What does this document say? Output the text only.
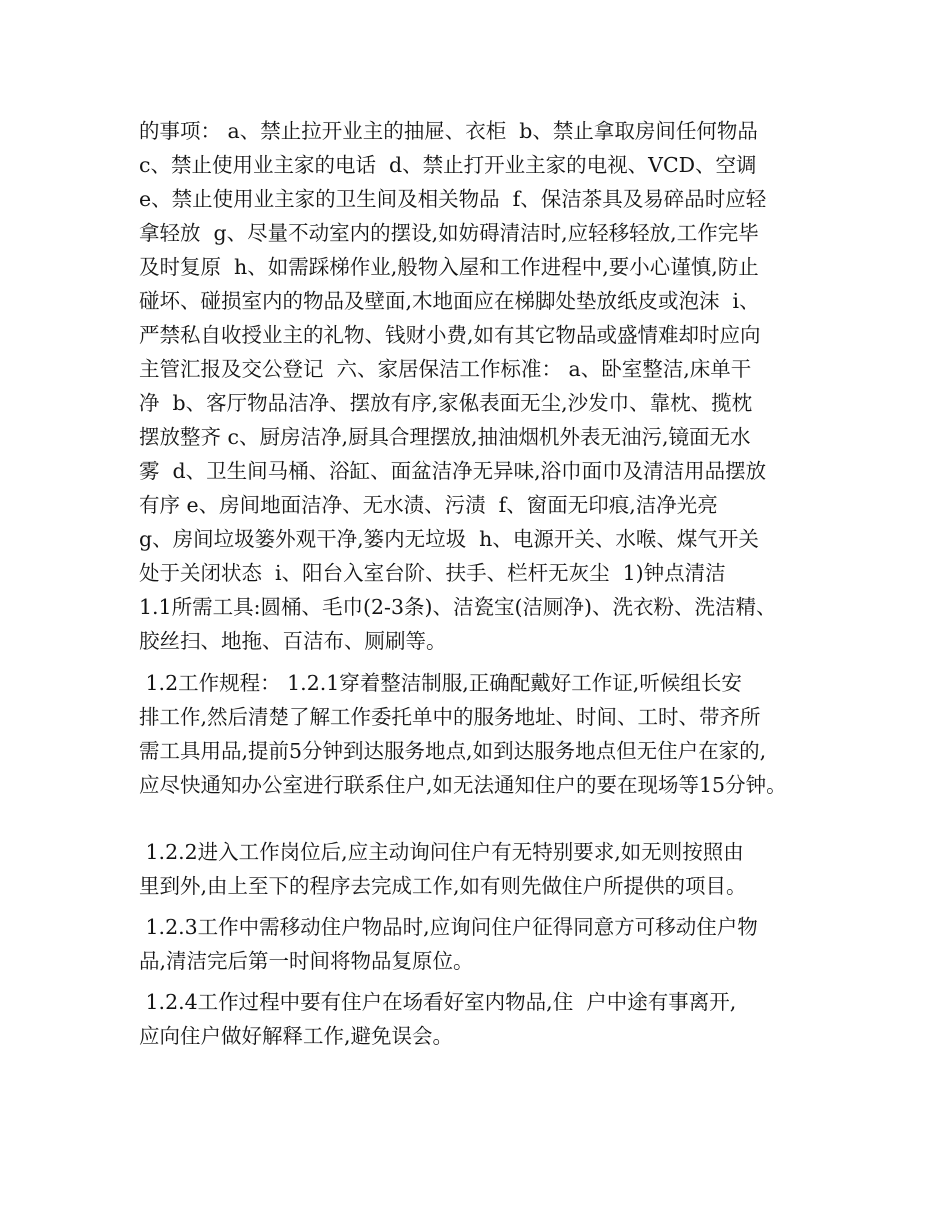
的事项： a、禁止拉开业主的抽屉、衣柜  b、禁止拿取房间任何物品
c、禁止使用业主家的电话  d、禁止打开业主家的电视、VCD、空调
e、禁止使用业主家的卫生间及相关物品  f、保洁茶具及易碎品时应轻
拿轻放  g、尽量不动室内的摆设,如妨碍清洁时,应轻移轻放,工作完毕
及时复原  h、如需踩梯作业,般物入屋和工作进程中,要小心谨慎,防止
碰坏、碰损室内的物品及壁面,木地面应在梯脚处垫放纸皮或泡沫  i、
严禁私自收授业主的礼物、钱财小费,如有其它物品或盛情难却时应向
主管汇报及交公登记  六、家居保洁工作标准： a、卧室整洁,床单干
净  b、客厅物品洁净、摆放有序,家俬表面无尘,沙发巾、靠枕、揽枕
摆放整齐 c、厨房洁净,厨具合理摆放,抽油烟机外表无油污,镜面无水
雾  d、卫生间马桶、浴缸、面盆洁净无异味,浴巾面巾及清洁用品摆放
有序 e、房间地面洁净、无水渍、污渍  f、窗面无印痕,洁净光亮
g、房间垃圾篓外观干净,篓内无垃圾  h、电源开关、水喉、煤气开关
处于关闭状态  i、阳台入室台阶、扶手、栏杆无灰尘  1)钟点清洁
1.1所需工具:圆桶、毛巾(2-3条)、洁瓷宝(洁厕净)、洗衣粉、洗洁精、
胶丝扫、地拖、百洁布、厕刷等。
1.2工作规程： 1.2.1穿着整洁制服,正确配戴好工作证,听候组长安
排工作,然后清楚了解工作委托单中的服务地址、时间、工时、带齐所
需工具用品,提前5分钟到达服务地点,如到达服务地点但无住户在家的,
应尽快通知办公室进行联系住户,如无法通知住户的要在现场等15分钟。
1.2.2进入工作岗位后,应主动询问住户有无特别要求,如无则按照由
里到外,由上至下的程序去完成工作,如有则先做住户所提供的项目。
1.2.3工作中需移动住户物品时,应询问住户征得同意方可移动住户物
品,清洁完后第一时间将物品复原位。
1.2.4工作过程中要有住户在场看好室内物品,住  户中途有事离开,
应向住户做好解释工作,避免误会。
